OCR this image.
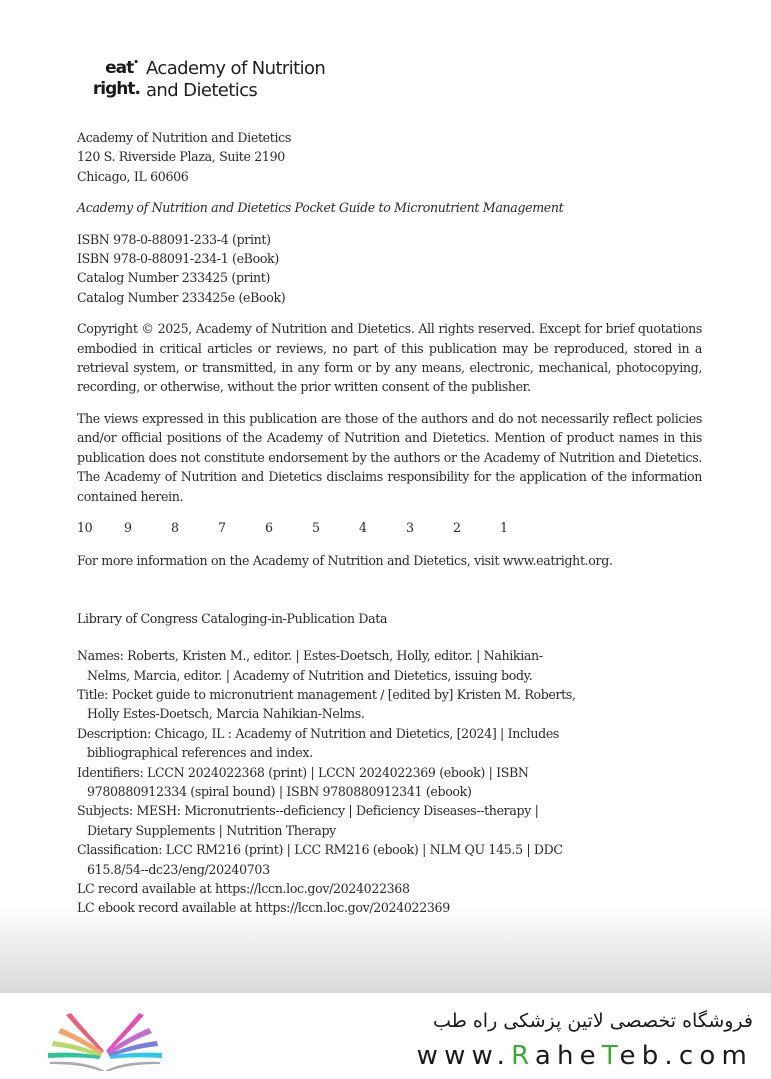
eat•
right.
Academy of Nutrition
and Dietetics

Academy of Nutrition and Dietetics

120 S. Riverside Plaza, Suite 2190

Chicago, IL 60606

Academy of Nutrition and Dietetics Pocket Guide to Micronutrient Management

ISBN 978-0-88091-233-4 (print)

ISBN 978-0-88091-234-1 (eBook)

Catalog Number 233425 (print)

Catalog Number 233425e (eBook)

Copyright © 2025, Academy of Nutrition and Dietetics. All rights reserved. Except for brief quotations embodied in critical articles or reviews, no part of this publication may be reproduced, stored in a retrieval system, or transmitted, in any form or by any means, electronic, mechanical, photocopying, recording, or otherwise, without the prior written consent of the publisher.

The views expressed in this publication are those of the authors and do not necessarily reflect policies and/or official positions of the Academy of Nutrition and Dietetics. Mention of product names in this publication does not constitute endorsement by the authors or the Academy of Nutrition and Dietetics. The Academy of Nutrition and Dietetics disclaims responsibility for the application of the information contained herein.

10	9	8	7	6	5	4	3	2	1

For more information on the Academy of Nutrition and Dietetics, visit www.eatright.org.

Library of Congress Cataloging-in-Publication Data

Names: Roberts, Kristen M., editor. | Estes-Doetsch, Holly, editor. | Nahikian-Nelms, Marcia, editor. | Academy of Nutrition and Dietetics, issuing body.

Title: Pocket guide to micronutrient management / [edited by] Kristen M. Roberts, Holly Estes-Doetsch, Marcia Nahikian-Nelms.

Description: Chicago, IL : Academy of Nutrition and Dietetics, [2024] | Includes bibliographical references and index.

Identifiers: LCCN 2024022368 (print) | LCCN 2024022369 (ebook) | ISBN 9780880912334 (spiral bound) | ISBN 9780880912341 (ebook)

Subjects: MESH: Micronutrients--deficiency | Deficiency Diseases--therapy | Dietary Supplements | Nutrition Therapy

Classification: LCC RM216 (print) | LCC RM216 (ebook) | NLM QU 145.5 | DDC 615.8/54--dc23/eng/20240703

LC record available at https://lccn.loc.gov/2024022368

LC ebook record available at https://lccn.loc.gov/2024022369

فروشگاه تخصصی لاتین پزشکی راه طب
www.RaheTeb.com
